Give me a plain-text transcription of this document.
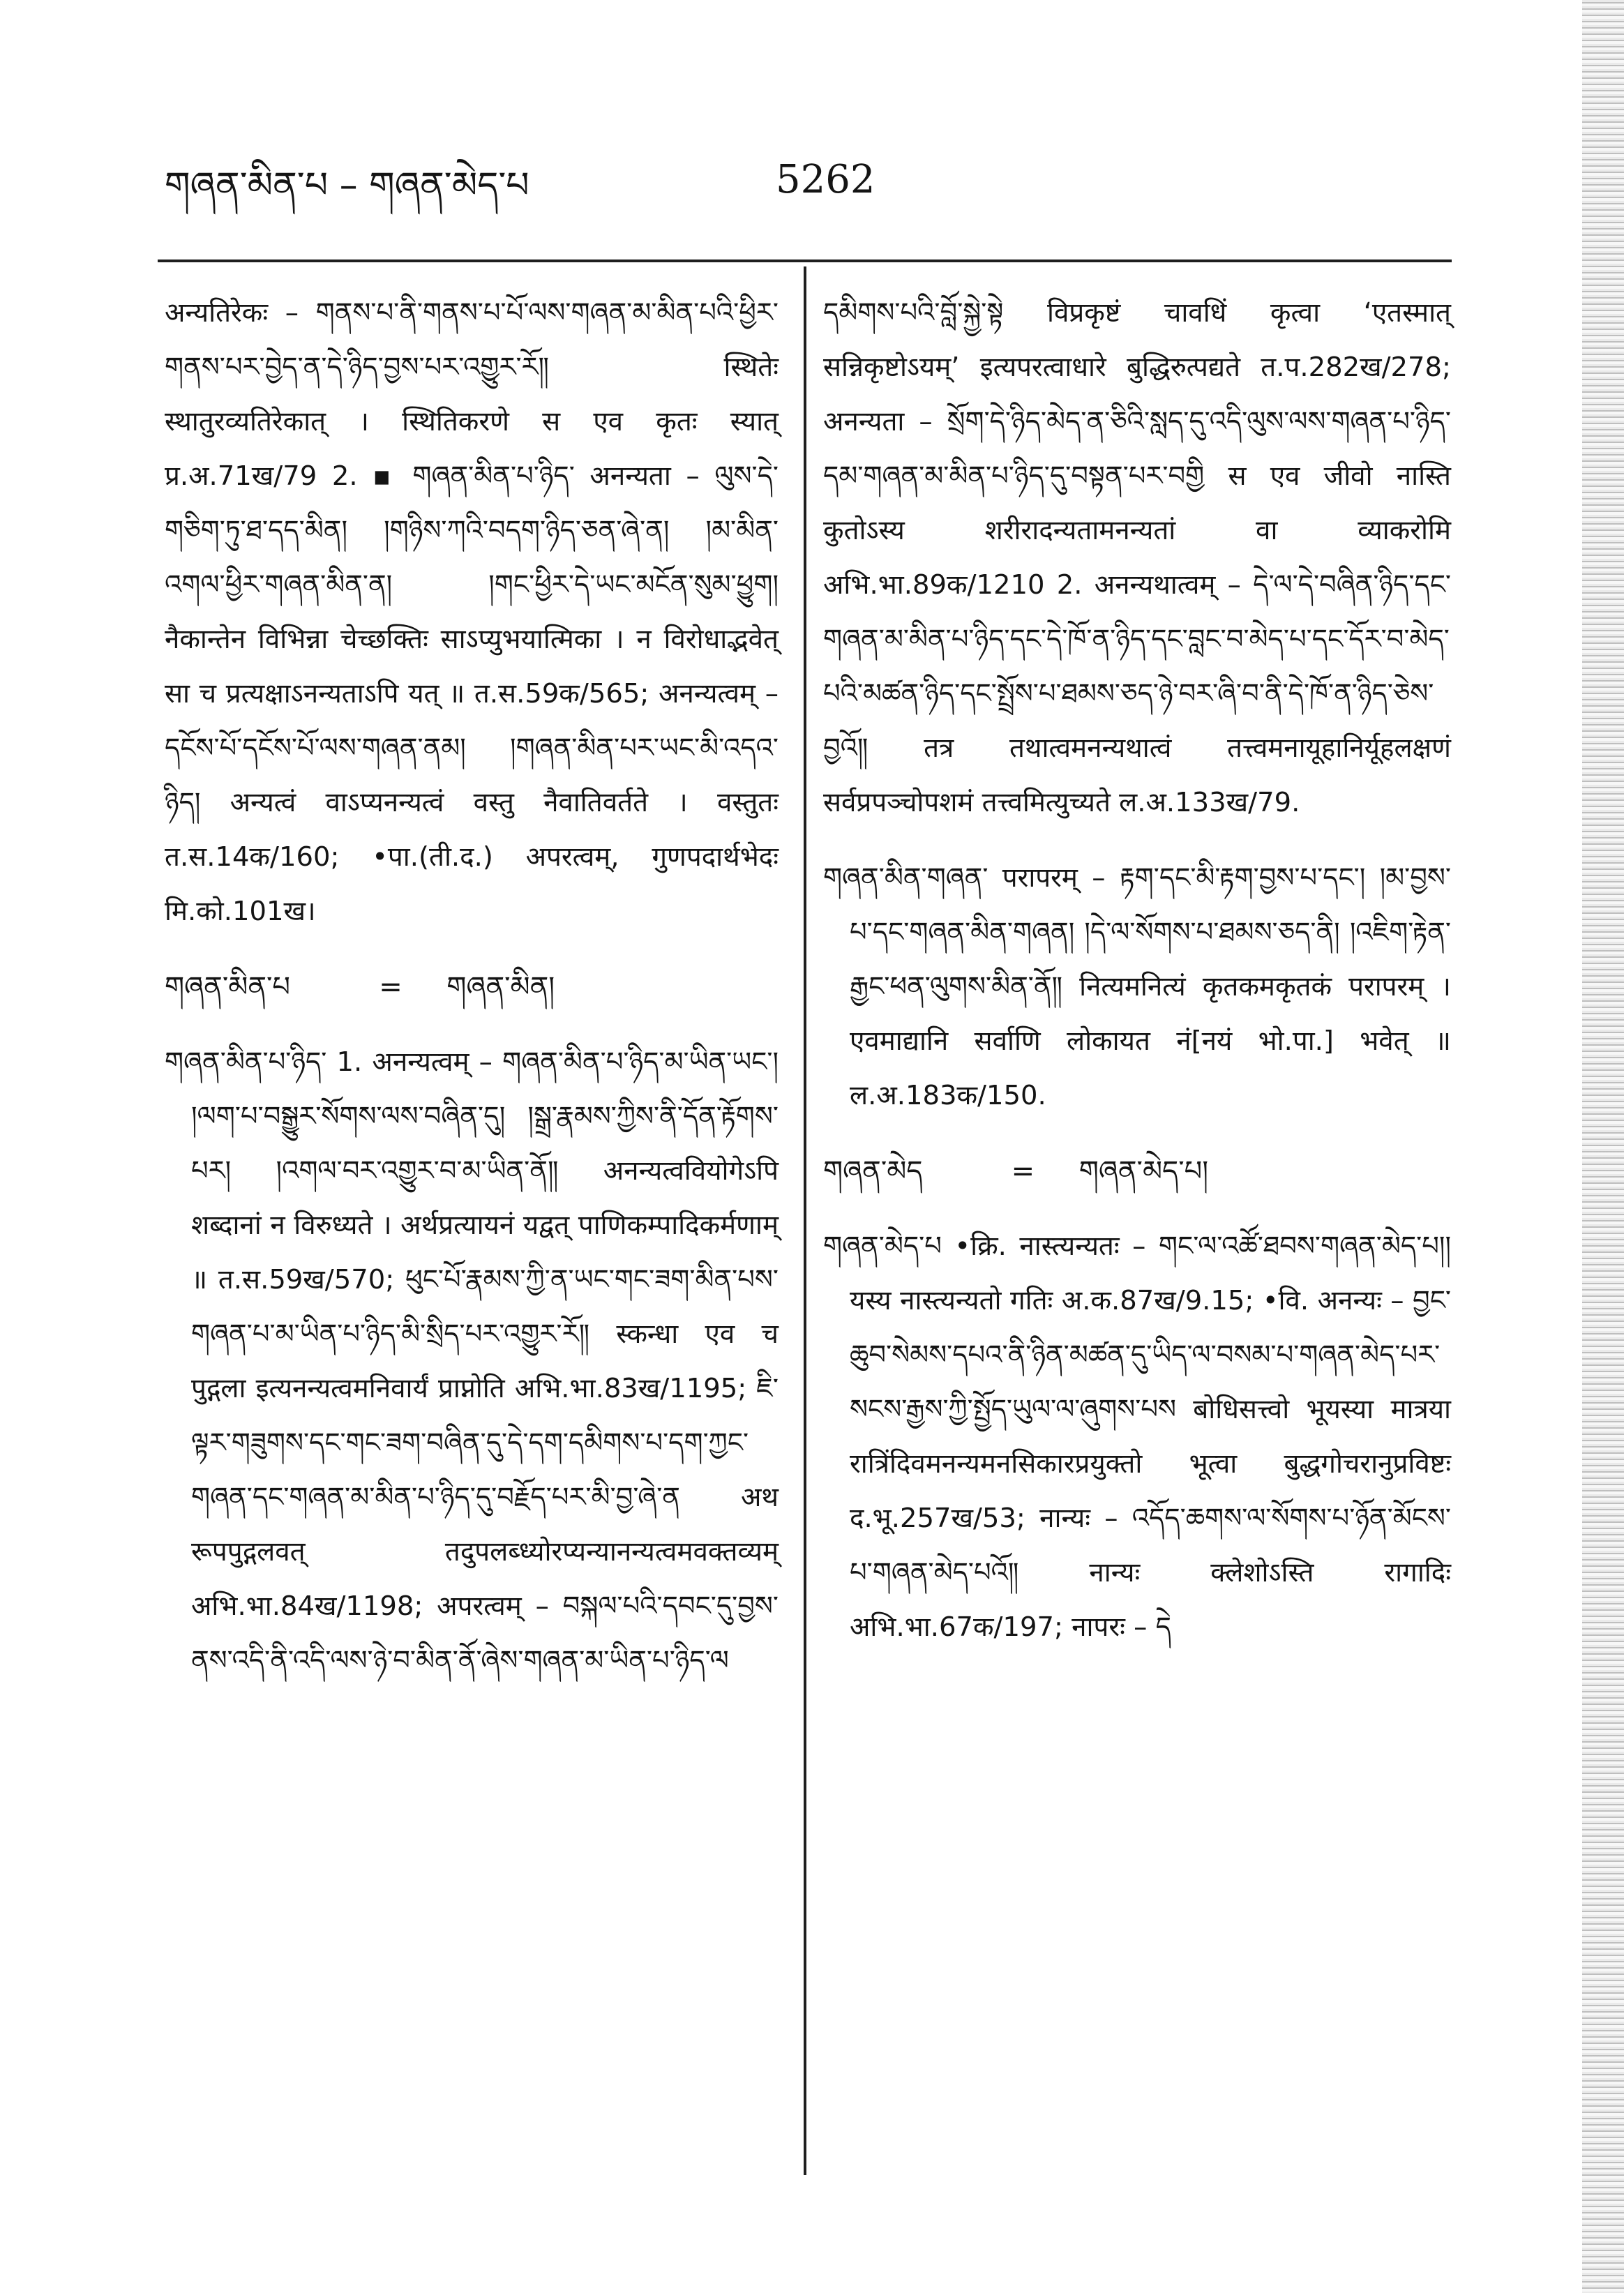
གཞན་མིན་པ – གཞན་མེད་པ	5262

अन्यतिरेकः – གནས་པ་ནི་གནས་པ་པོ་ལས་གཞན་མ་མིན་པའི་ཕྱིར་གནས་པར་བྱེད་ན་དེ་ཉིད་བྱས་པར་འགྱུར་རོ༎ स्थितेः स्थातुरव्यतिरेकात् । स्थितिकरणे स एव कृतः स्यात् प्र.अ.71ख/79 2. ▪ གཞན་མིན་པ་ཉིད་ अनन्यता – ལུས་དེ་གཅིག་ཏུ་ཐ་དད་མིན། །གཉིས་ཀའི་བདག་ཉིད་ཅན་ཞེ་ན། །མ་མིན་འགལ་ཕྱིར་གཞན་མིན་ན། །གང་ཕྱིར་དེ་ཡང་མངོན་སུམ་ཕྱུག། नैकान्तेन विभिन्ना चेच्छक्तिः साऽप्युभयात्मिका । न विरोधाद्भवेत् सा च प्रत्यक्षाऽनन्यताऽपि यत् ॥ त.स.59क/565; अनन्यत्वम् – དངོས་པོ་དངོས་པོ་ལས་གཞན་ནམ། །གཞན་མིན་པར་ཡང་མི་འདའ་ཉིད། अन्यत्वं वाऽप्यनन्यत्वं वस्तु नैवातिवर्तते । वस्तुतः त.स.14क/160; •पा.(ती.द.) अपरत्वम्, गुणपदार्थभेदः मि.को.101ख।

གཞན་མིན་པ          =     གཞན་མིན།

གཞན་མིན་པ་ཉིད་ 1. अनन्यत्वम् – གཞན་མིན་པ་ཉིད་མ་ཡིན་ཡང་། །ལག་པ་བསྒྱུར་སོགས་ལས་བཞིན་དུ། །སྒྲ་རྣམས་ཀྱིས་ནི་དོན་རྟོགས་པར། །འགལ་བར་འགྱུར་བ་མ་ཡིན་ནོ༎ अनन्यत्ववियोगेऽपि शब्दानां न विरुध्यते । अर्थप्रत्यायनं यद्वत् पाणिकम्पादिकर्मणाम् ॥ त.स.59ख/570; ཕུང་པོ་རྣམས་ཀྱི་ན་ཡང་གང་ཟག་མིན་པས་གཞན་པ་མ་ཡིན་པ་ཉིད་མི་སྲིད་པར་འགྱུར་རོ༎ स्कन्धा एव च पुद्गला इत्यनन्यत्वमनिवार्यं प्राप्नोति अभि.भा.83ख/1195; ཇི་ལྟར་གཟུགས་དང་གང་ཟག་བཞིན་དུ་དེ་དག་དམིགས་པ་དག་ཀྱང་གཞན་དང་གཞན་མ་མིན་པ་ཉིད་དུ་བརྗོད་པར་མི་བྱ་ཞེ་ན अथ रूपपुद्गलवत् तदुपलब्ध्योरप्यन्यानन्यत्वमवक्तव्यम् अभि.भा.84ख/1198; अपरत्वम् – བསྐལ་པའི་དབང་དུ་བྱས་ནས་འདི་ནི་འདི་ལས་ཉེ་བ་མིན་ནོ་ཞེས་གཞན་མ་ཡིན་པ་ཉིད་ལ

དམིགས་པའི་བློ་སྐྱེ་སྟེ विप्रकृष्टं चावधिं कृत्वा ‘एतस्मात् सन्निकृष्टोऽयम्’ इत्यपरत्वाधारे बुद्धिरुत्पद्यते त.प.282ख/278; अनन्यता – སྲོག་དེ་ཉིད་མེད་ན་ཅིའི་སླད་དུ་འདི་ལུས་ལས་གཞན་པ་ཉིད་དམ་གཞན་མ་མིན་པ་ཉིད་དུ་བསྟན་པར་བགྱི स एव जीवो नास्ति कुतोऽस्य शरीरादन्यतामनन्यतां वा व्याकरोमि अभि.भा.89क/1210 2. अनन्यथात्वम् – དེ་ལ་དེ་བཞིན་ཉིད་དང་གཞན་མ་མིན་པ་ཉིད་དང་དེ་ཁོ་ན་ཉིད་དང་བླང་བ་མེད་པ་དང་དོར་བ་མེད་པའི་མཚན་ཉིད་དང་སྤྲོས་པ་ཐམས་ཅད་ཉེ་བར་ཞི་བ་ནི་དེ་ཁོ་ན་ཉིད་ཅེས་བྱའོ༎ तत्र तथात्वमनन्यथात्वं तत्त्वमनायूहानिर्यूहलक्षणं सर्वप्रपञ्चोपशमं तत्त्वमित्युच्यते ल.अ.133ख/79.

གཞན་མིན་གཞན་ परापरम् – རྟག་དང་མི་རྟག་བྱས་པ་དང་། །མ་བྱས་པ་དང་གཞན་མིན་གཞན། །དེ་ལ་སོགས་པ་ཐམས་ཅད་ནི། །འཇིག་རྟེན་རྒྱང་ཕན་ལུགས་མིན་ནོ༎ नित्यमनित्यं कृतकमकृतकं परापरम् । एवमाद्यानि सर्वाणि लोकायत नं[नयं भो.पा.] भवेत् ॥ ल.अ.183क/150.

གཞན་མེད          =     གཞན་མེད་པ།

གཞན་མེད་པ •क्रि. नास्त्यन्यतः – གང་ལ་འཚོ་ཐབས་གཞན་མེད་པ།། यस्य नास्त्यन्यतो गतिः अ.क.87ख/9.15; •वि. अनन्यः – བྱང་ཆུབ་སེམས་དཔའ་ནི་ཉིན་མཚན་དུ་ཡིད་ལ་བསམ་པ་གཞན་མེད་པར་སངས་རྒྱས་ཀྱི་སྤྱོད་ཡུལ་ལ་ཞུགས་པས बोधिसत्त्वो भूयस्या मात्रया रात्रिंदिवमनन्यमनसिकारप्रयुक्तो भूत्वा बुद्धगोचरानुप्रविष्टः द.भू.257ख/53; नान्यः – འདོད་ཆགས་ལ་སོགས་པ་ཉོན་མོངས་པ་གཞན་མེད་པའོ༎ नान्यः क्लेशोऽस्ति रागादिः अभि.भा.67क/197; नापरः – དེ
